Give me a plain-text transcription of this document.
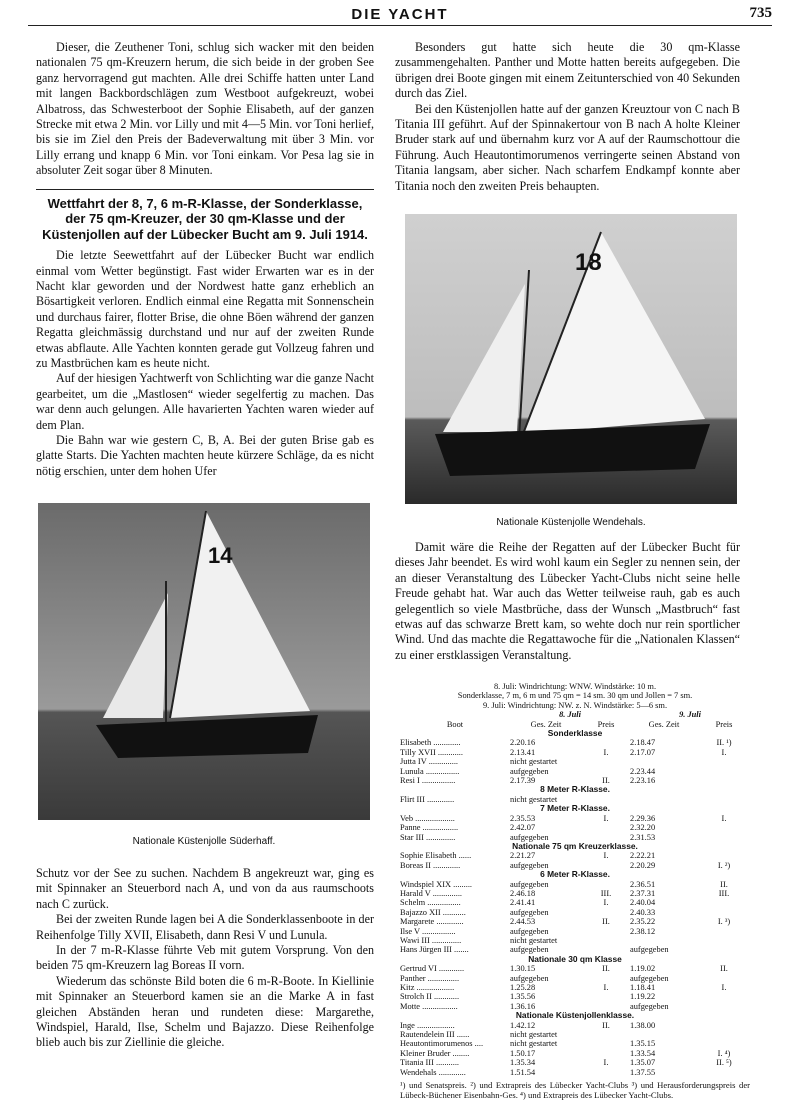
DIE YACHT	735

Dieser, die Zeuthener Toni, schlug sich wacker mit den beiden nationalen 75 qm-Kreuzern herum, die sich beide in der groben See ganz hervorragend gut machten. Alle drei Schiffe hatten unter Land mit langen Backbordschlägen zum Westboot aufgekreuzt, wobei Albatross, das Schwesterboot der Sophie Elisabeth, auf der ganzen Strecke mit etwa 2 Min. vor Lilly und mit 4—5 Min. vor Toni herlief, bis sie im Ziel den Preis der Badeverwaltung mit über 3 Min. vor Lilly errang und knapp 6 Min. vor Toni einkam. Vor Pesa lag sie in absoluter Zeit sogar über 8 Minuten.

Wettfahrt der 8, 7, 6 m-R-Klasse, der Sonderklasse, der 75 qm-Kreuzer, der 30 qm-Klasse und der Küstenjollen auf der Lübecker Bucht am 9. Juli 1914.

Die letzte Seewettfahrt auf der Lübecker Bucht war endlich einmal vom Wetter begünstigt. Fast wider Erwarten war es in der Nacht klar geworden und der Nordwest hatte ganz erheblich an Bösartigkeit verloren. Endlich einmal eine Regatta mit Sonnenschein und durchaus fairer, flotter Brise, die ohne Böen während der ganzen Regatta gleichmässig durchstand und nur auf der zweiten Runde etwas abflaute. Alle Yachten konnten gerade gut Vollzeug fahren und zu Mastbrüchen kam es heute nicht.

Auf der hiesigen Yachtwerft von Schlichting war die ganze Nacht gearbeitet, um die „Mastlosen“ wieder segelfertig zu machen. Das war denn auch gelungen. Alle havarierten Yachten waren wieder auf dem Plan.

Die Bahn war wie gestern C, B, A. Bei der guten Brise gab es glatte Starts. Die Yachten machten heute kürzere Schläge, da es nicht nötig erschien, unter dem hohen Ufer

14
Nationale Küstenjolle Süderhaff.

Schutz vor der See zu suchen. Nachdem B angekreuzt war, ging es mit Spinnaker an Steuerbord nach A, und von da aus raumschoots nach C zurück.

Bei der zweiten Runde lagen bei A die Sonderklassenboote in der Reihenfolge Tilly XVII, Elisabeth, dann Resi V und Lunula.

In der 7 m-R-Klasse führte Veb mit gutem Vorsprung. Von den beiden 75 qm-Kreuzern lag Boreas II vorn.

Wiederum das schönste Bild boten die 6 m-R-Boote. In Kiellinie mit Spinnaker an Steuerbord kamen sie an die Marke A in fast gleichen Abständen heran und rundeten diese: Margarethe, Windspiel, Harald, Ilse, Schelm und Bajazzo. Diese Reihenfolge blieb auch bis zur Ziellinie die gleiche.

Besonders gut hatte sich heute die 30 qm-Klasse zusammengehalten. Panther und Motte hatten bereits aufgegeben. Die übrigen drei Boote gingen mit einem Zeitunterschied von 40 Sekunden durch das Ziel.

Bei den Küstenjollen hatte auf der ganzen Kreuztour von C nach B Titania III geführt. Auf der Spinnakertour von B nach A holte Kleiner Bruder stark auf und übernahm kurz vor A auf der Raumschottour die Führung. Auch Heautontimorumenos verringerte seinen Abstand von Titania langsam, aber sicher. Nach scharfem Endkampf konnte aber Titania noch den zweiten Preis behaupten.

18
Nationale Küstenjolle Wendehals.

Damit wäre die Reihe der Regatten auf der Lübecker Bucht für dieses Jahr beendet. Es wird wohl kaum ein Segler zu nennen sein, der an dieser Veranstaltung des Lübecker Yacht-Clubs nicht seine helle Freude gehabt hat. War auch das Wetter teilweise rauh, gab es auch gelegentlich so viele Mastbrüche, dass der Wunsch „Mastbruch“ fast etwas auf das schwarze Brett kam, so wehte doch nur rein sportlicher Wind. Und das machte die Regattawoche für die „Nationalen Klassen“ zu einer erstklassigen Veranstaltung.

8. Juli: Windrichtung: WNW. Windstärke: 10 m.
Sonderklasse, 7 m, 6 m und 75 qm = 14 sm. 30 qm und Jollen = 7 sm.
9. Juli: Windrichtung: NW. z. N. Windstärke: 5—6 sm.
	8. Juli		9. Juli	
Boot	Ges. Zeit	Preis	Ges. Zeit	Preis
Sonderklasse				
Elisabeth .............	2.20.16		2.18.47	II. ¹)
Tilly XVII ............	2.13.41	I.	2.17.07	I.
Jutta IV ..............	nicht gestartet			
Lunula ................	aufgegeben		2.23.44	
Resi I ................	2.17.39	II.	2.23.16	
8 Meter R-Klasse.				
Flirt III .............	nicht gestartet			
7 Meter R-Klasse.				
Veb ...................	2.35.53	I.	2.29.36	I.
Panne .................	2.42.07		2.32.20	
Star III ..............	aufgegeben		2.31.53	
Nationale 75 qm Kreuzerklasse.				
Sophie Elisabeth ......	2.21.27	I.	2.22.21	
Boreas II .............	aufgegeben		2.20.29	I. ²)
6 Meter R-Klasse.				
Windspiel XIX .........	aufgegeben		2.36.51	II.
Harald V ..............	2.46.18	III.	2.37.31	III.
Schelm ................	2.41.41	I.	2.40.04	
Bajazzo XII ...........	aufgegeben		2.40.33	
Margarete .............	2.44.53	II.	2.35.22	I. ³)
Ilse V ................	aufgegeben		2.38.12	
Wawi III ..............	nicht gestartet			
Hans Jürgen III .......	aufgegeben		aufgegeben	
Nationale 30 qm Klasse				
Gertrud VI ............	1.30.15	II.	1.19.02	II.
Panther ...............	aufgegeben		aufgegeben	
Kitz ..................	1.25.28	I.	1.18.41	I.
Strolch II ............	1.35.56		1.19.22	
Motte .................	1.36.16		aufgegeben	
Nationale Küstenjollenklasse.				
Inge ..................	1.42.12	II.	1.38.00	
Rautendelein III ......	nicht gestartet			
Heautontimorumenos ....	nicht gestartet		1.35.15	
Kleiner Bruder ........	1.50.17		1.33.54	I. ⁴)
Titania III ...........	1.35.34	I.	1.35.07	II. ⁵)
Wendehals .............	1.51.54		1.37.55	
¹) und Senatspreis. ²) und Extrapreis des Lübecker Yacht-Clubs ³) und Herausforderungspreis der Lübeck-Büchener Eisenbahn-Ges. ⁴) und Extrapreis des Lübecker Yacht-Clubs.
